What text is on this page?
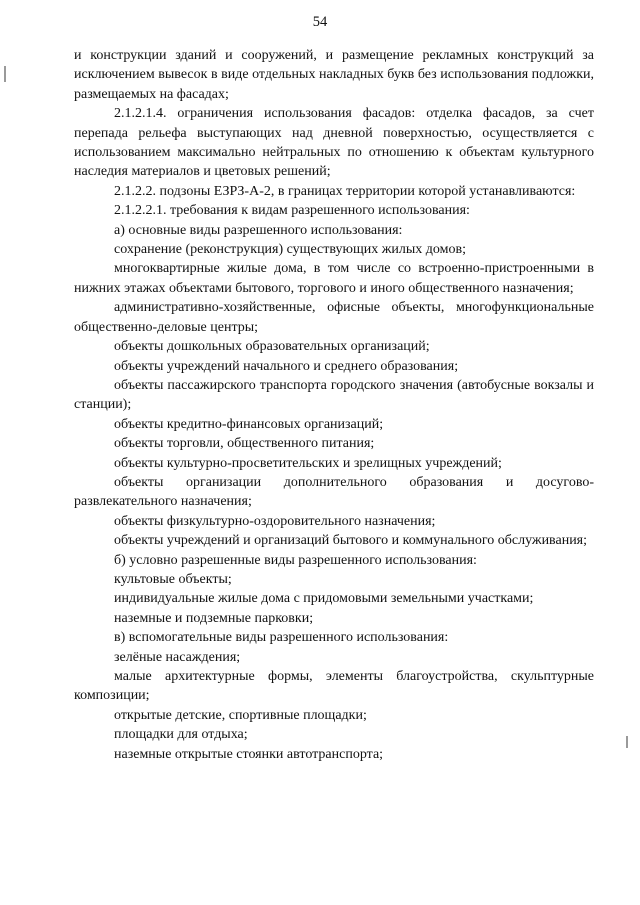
54

и конструкции зданий и сооружений, и размещение рекламных конструкций за исключением вывесок в виде отдельных накладных букв без использования подложки, размещаемых на фасадах;

2.1.2.1.4. ограничения использования фасадов: отделка фасадов, за счет перепада рельефа выступающих над дневной поверхностью, осуществляется с использованием максимально нейтральных по отношению к объектам культурного наследия материалов и цветовых решений;

2.1.2.2. подзоны ЕЗРЗ-А-2, в границах территории которой устанавливаются:

2.1.2.2.1. требования к видам разрешенного использования:

а) основные виды разрешенного использования:

сохранение (реконструкция) существующих жилых домов;

многоквартирные жилые дома, в том числе со встроенно-пристроенными в нижних этажах объектами бытового, торгового и иного общественного назначения;

административно-хозяйственные, офисные объекты, многофункциональные общественно-деловые центры;

объекты дошкольных образовательных организаций;

объекты учреждений начального и среднего образования;

объекты пассажирского транспорта городского значения (автобусные вокзалы и станции);

объекты кредитно-финансовых организаций;

объекты торговли, общественного питания;

объекты культурно-просветительских и зрелищных учреждений;

объекты организации дополнительного образования и досугово-развлекательного назначения;

объекты физкультурно-оздоровительного назначения;

объекты учреждений и организаций бытового и коммунального обслуживания;

б) условно разрешенные виды разрешенного использования:

культовые объекты;

индивидуальные жилые дома с придомовыми земельными участками;

наземные и подземные парковки;

в) вспомогательные виды разрешенного использования:

зелёные насаждения;

малые архитектурные формы, элементы благоустройства, скульптурные композиции;

открытые детские, спортивные площадки;

площадки для отдыха;

наземные открытые стоянки автотранспорта;
